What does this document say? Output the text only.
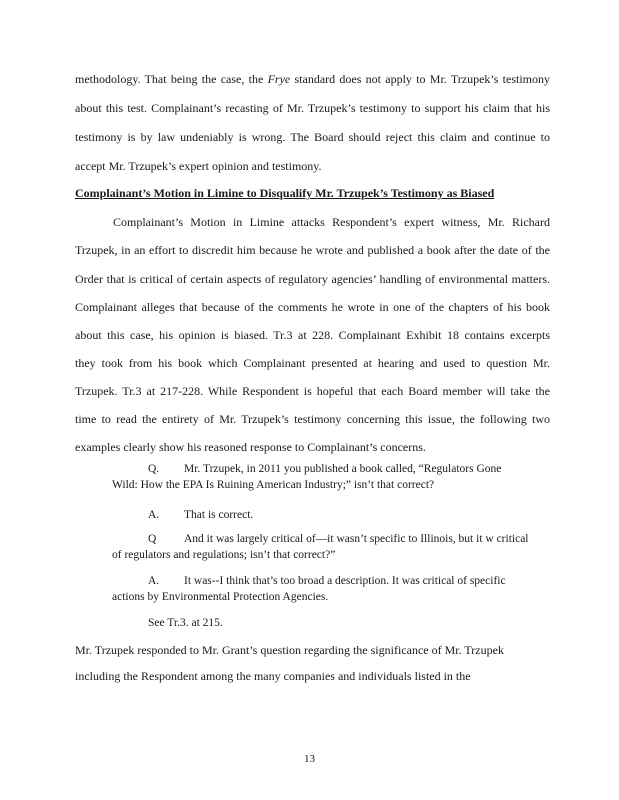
methodology. That being the case, the Frye standard does not apply to Mr. Trzupek’s testimony
about this test. Complainant’s recasting of Mr. Trzupek’s testimony to support his claim that his
testimony is by law undeniably is wrong. The Board should reject this claim and continue to
accept Mr. Trzupek’s expert opinion and testimony.
Complainant’s Motion in Limine to Disqualify Mr. Trzupek’s Testimony as Biased
Complainant’s Motion in Limine attacks Respondent’s expert witness, Mr. Richard
Trzupek, in an effort to discredit him because he wrote and published a book after the date of the
Order that is critical of certain aspects of regulatory agencies’ handling of environmental matters.
Complainant alleges that because of the comments he wrote in one of the chapters of his book
about this case, his opinion is biased. Tr.3 at 228. Complainant Exhibit 18 contains excerpts
they took from his book which Complainant presented at hearing and used to question Mr.
Trzupek. Tr.3 at 217-228. While Respondent is hopeful that each Board member will take the
time to read the entirety of Mr. Trzupek’s testimony concerning this issue, the following two
examples clearly show his reasoned response to Complainant’s concerns.
Q. Mr. Trzupek, in 2011 you published a book called, “Regulators Gone
Wild: How the EPA Is Ruining American Industry;” isn’t that correct?
A. That is correct.
Q And it was largely critical of—it wasn’t specific to Illinois, but it w critical
of regulators and regulations; isn’t that correct?”
A. It was--I think that’s too broad a description. It was critical of specific
actions by Environmental Protection Agencies.
See Tr.3. at 215.
Mr. Trzupek responded to Mr. Grant’s question regarding the significance of Mr. Trzupek
including the Respondent among the many companies and individuals listed in the
13
